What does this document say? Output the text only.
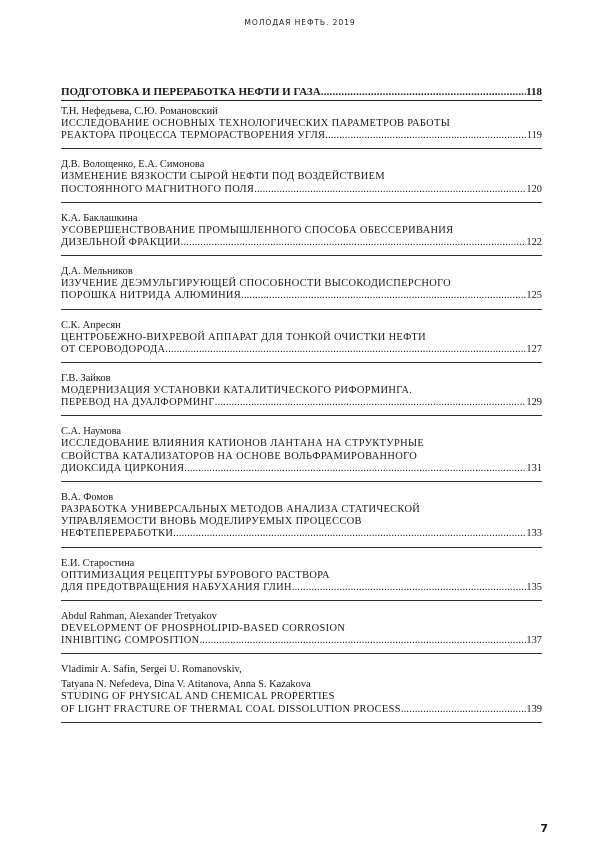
МОЛОДАЯ НЕФТЬ. 2019
ПОДГОТОВКА И ПЕРЕРАБОТКА НЕФТИ И ГАЗА .....	118
Т.Н. Нефедьева, С.Ю. Романовский
ИССЛЕДОВАНИЕ ОСНОВНЫХ ТЕХНОЛОГИЧЕСКИХ ПАРАМЕТРОВ РАБОТЫ
РЕАКТОРА ПРОЦЕССА ТЕРМОРАСТВОРЕНИЯ УГЛЯ .....	119
Д.В. Волощенко, Е.А. Симонова
ИЗМЕНЕНИЕ ВЯЗКОСТИ СЫРОЙ НЕФТИ ПОД ВОЗДЕЙСТВИЕМ
ПОСТОЯННОГО МАГНИТНОГО ПОЛЯ .....	120
К.А. Баклашкина
УСОВЕРШЕНСТВОВАНИЕ ПРОМЫШЛЕННОГО СПОСОБА ОБЕССЕРИВАНИЯ
ДИЗЕЛЬНОЙ ФРАКЦИИ .....	122
Д.А. Мельников
ИЗУЧЕНИЕ ДЕЭМУЛЬГИРУЮЩЕЙ СПОСОБНОСТИ ВЫСОКОДИСПЕРСНОГО
ПОРОШКА НИТРИДА АЛЮМИНИЯ .....	125
С.К. Апресян
ЦЕНТРОБЕЖНО-ВИХРЕВОЙ АППАРАТ ДЛЯ ТОНКОЙ ОЧИСТКИ НЕФТИ
ОТ СЕРОВОДОРОДА .....	127
Г.В. Зайков
МОДЕРНИЗАЦИЯ УСТАНОВКИ КАТАЛИТИЧЕСКОГО РИФОРМИНГА.
ПЕРЕВОД НА ДУАЛФОРМИНГ .....	129
С.А. Наумова
ИССЛЕДОВАНИЕ ВЛИЯНИЯ КАТИОНОВ ЛАНТАНА НА СТРУКТУРНЫЕ
СВОЙСТВА КАТАЛИЗАТОРОВ НА ОСНОВЕ ВОЛЬФРАМИРОВАННОГО
ДИОКСИДА ЦИРКОНИЯ .....	131
В.А. Фомов
РАЗРАБОТКА УНИВЕРСАЛЬНЫХ МЕТОДОВ АНАЛИЗА СТАТИЧЕСКОЙ
УПРАВЛЯЕМОСТИ ВНОВЬ МОДЕЛИРУЕМЫХ ПРОЦЕССОВ
НЕФТЕПЕРЕРАБОТКИ .....	133
Е.И. Старостина
ОПТИМИЗАЦИЯ РЕЦЕПТУРЫ БУРОВОГО РАСТВОРА
ДЛЯ ПРЕДОТВРАЩЕНИЯ НАБУХАНИЯ ГЛИН .....	135
Abdul Rahman, Alexander Tretyakov
DEVELOPMENT OF PHOSPHOLIPID-BASED CORROSION
INHIBITING COMPOSITION .....	137
Vladimir A. Safin, Sergei U. Romanovskiv,
Tatyana N. Nefedeva, Dina V. Atitanova, Anna S. Kazakova
STUDING OF PHYSICAL AND CHEMICAL PROPERTIES
OF LIGHT FRACTURE OF THERMAL COAL DISSOLUTION PROCESS .....	139
7
